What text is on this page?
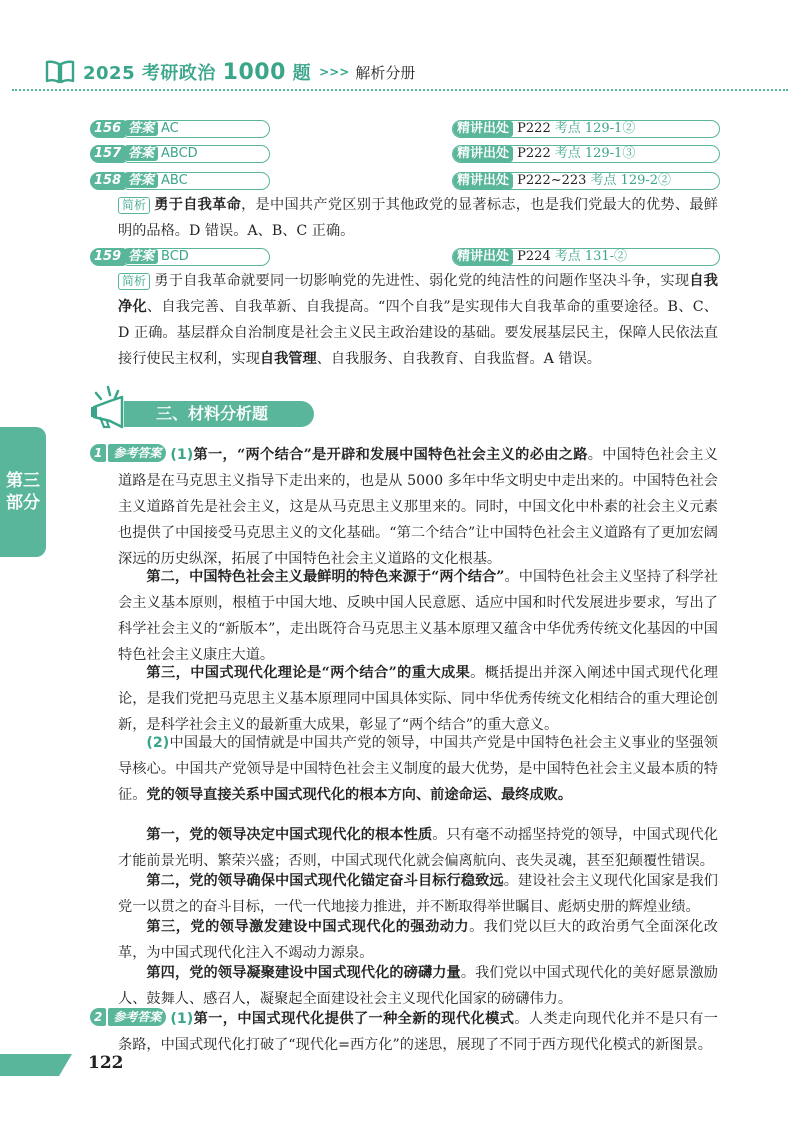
2025 考研政治 1000 题 >>> 解析分册
第三
部分
156 答案 AC	精讲出处 P222 考点 129-1②
157 答案 ABCD	精讲出处 P222 考点 129-1③
158 答案 ABC	精讲出处 P222~223 考点 129-2②
简析 勇于自我革命，是中国共产党区别于其他政党的显著标志，也是我们党最大的优势、最鲜明的品格。D 错误。A、B、C 正确。
159 答案 BCD	精讲出处 P224 考点 131-②
简析 勇于自我革命就要同一切影响党的先进性、弱化党的纯洁性的问题作坚决斗争，实现自我净化、自我完善、自我革新、自我提高。“四个自我”是实现伟大自我革命的重要途径。B、C、D 正确。基层群众自治制度是社会主义民主政治建设的基础。要发展基层民主，保障人民依法直接行使民主权利，实现自我管理、自我服务、自我教育、自我监督。A 错误。
三、材料分析题
1 参考答案 (1)第一，“两个结合”是开辟和发展中国特色社会主义的必由之路。中国特色社会主义道路是在马克思主义指导下走出来的，也是从 5000 多年中华文明史中走出来的。中国特色社会主义道路首先是社会主义，这是从马克思主义那里来的。同时，中国文化中朴素的社会主义元素也提供了中国接受马克思主义的文化基础。“第二个结合”让中国特色社会主义道路有了更加宏阔深远的历史纵深，拓展了中国特色社会主义道路的文化根基。
第二，中国特色社会主义最鲜明的特色来源于“两个结合”。中国特色社会主义坚持了科学社会主义基本原则，根植于中国大地、反映中国人民意愿、适应中国和时代发展进步要求，写出了科学社会主义的“新版本”，走出既符合马克思主义基本原理又蕴含中华优秀传统文化基因的中国特色社会主义康庄大道。
第三，中国式现代化理论是“两个结合”的重大成果。概括提出并深入阐述中国式现代化理论，是我们党把马克思主义基本原理同中国具体实际、同中华优秀传统文化相结合的重大理论创新，是科学社会主义的最新重大成果，彰显了“两个结合”的重大意义。
(2)中国最大的国情就是中国共产党的领导，中国共产党是中国特色社会主义事业的坚强领导核心。中国共产党领导是中国特色社会主义制度的最大优势，是中国特色社会主义最本质的特征。党的领导直接关系中国式现代化的根本方向、前途命运、最终成败。
第一，党的领导决定中国式现代化的根本性质。只有毫不动摇坚持党的领导，中国式现代化才能前景光明、繁荣兴盛；否则，中国式现代化就会偏离航向、丧失灵魂，甚至犯颠覆性错误。
第二，党的领导确保中国式现代化锚定奋斗目标行稳致远。建设社会主义现代化国家是我们党一以贯之的奋斗目标，一代一代地接力推进，并不断取得举世瞩目、彪炳史册的辉煌业绩。
第三，党的领导激发建设中国式现代化的强劲动力。我们党以巨大的政治勇气全面深化改革，为中国式现代化注入不竭动力源泉。
第四，党的领导凝聚建设中国式现代化的磅礴力量。我们党以中国式现代化的美好愿景激励人、鼓舞人、感召人，凝聚起全面建设社会主义现代化国家的磅礴伟力。
2 参考答案 (1)第一，中国式现代化提供了一种全新的现代化模式。人类走向现代化并不是只有一条路，中国式现代化打破了“现代化=西方化”的迷思，展现了不同于西方现代化模式的新图景。
122
